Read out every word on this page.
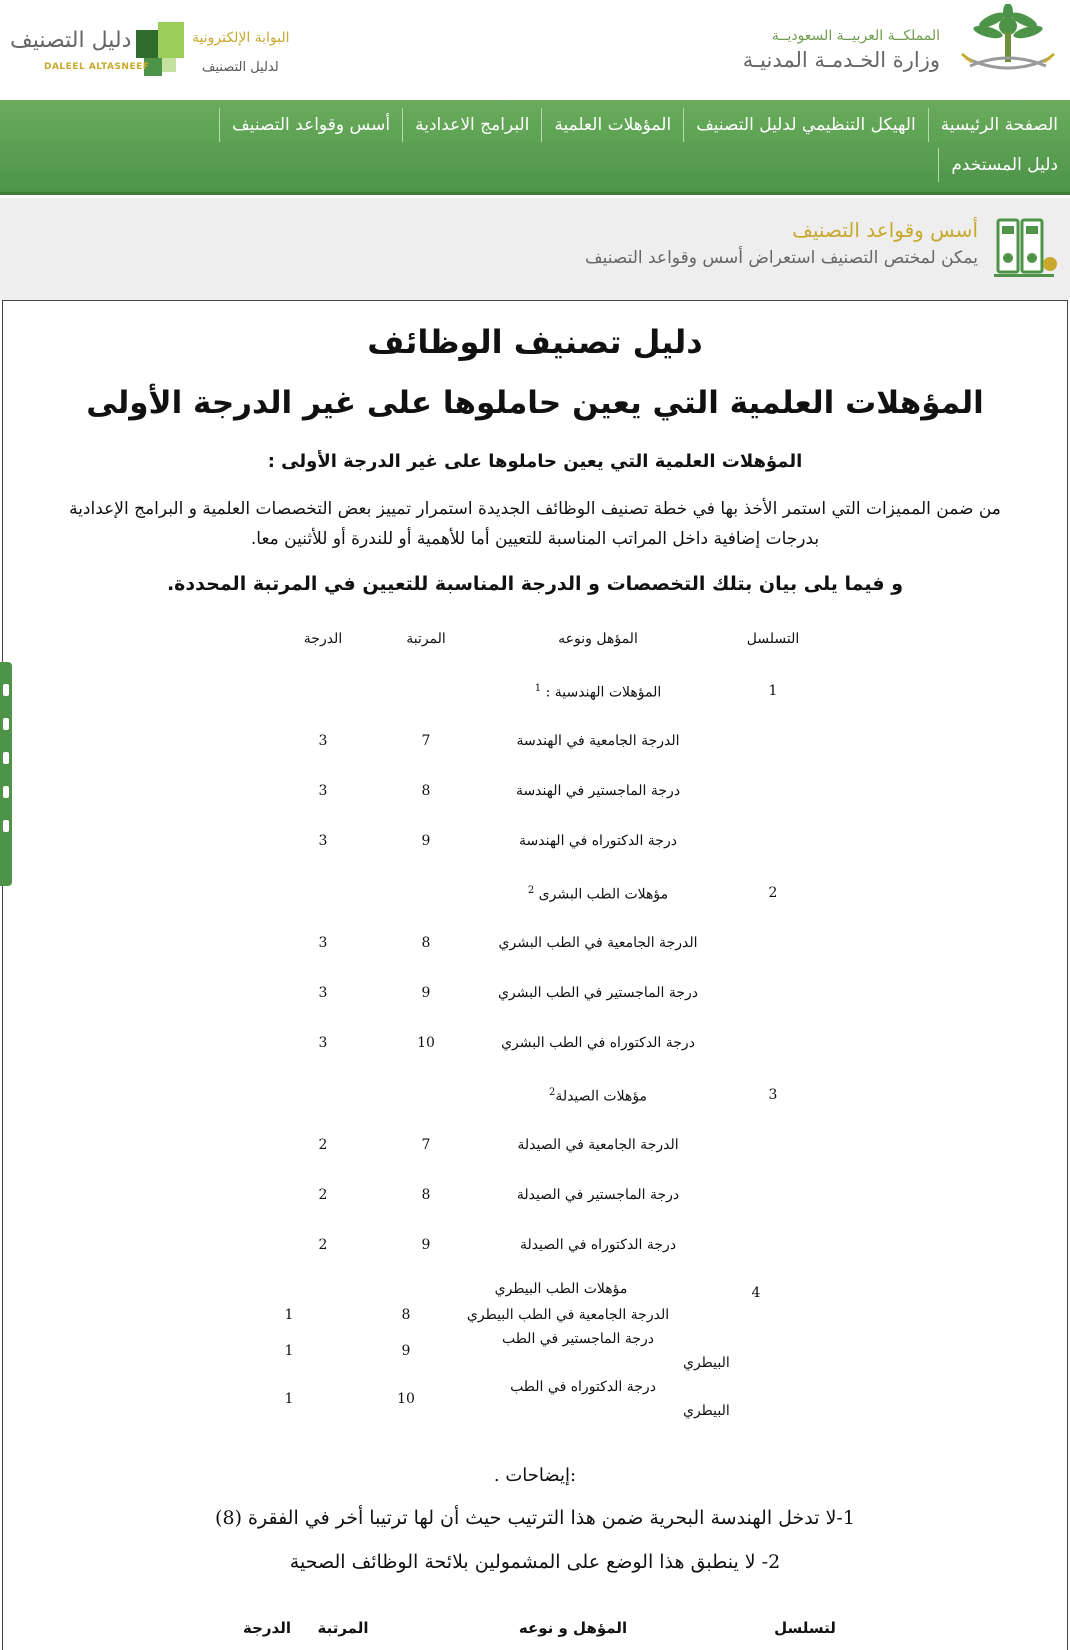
المملكــة العربيــة السعوديــة
وزارة الخـدمـة المدنيـة
البوابة الإلكترونية
لدليل التصنيف
دليل التصنيف
DALEEL ALTASNEEF
الصفحة الرئيسية
الهيكل التنظيمي لدليل التصنيف
المؤهلات العلمية
البرامج الاعدادية
أسس وقواعد التصنيف
دليل المستخدم
أسس وقواعد التصنيف
يمكن لمختص التصنيف استعراض أسس وقواعد التصنيف
دليل تصنيف الوظائف
المؤهلات العلمية التي يعين حاملوها على غير الدرجة الأولى
المؤهلات العلمية التي يعين حاملوها على غير الدرجة الأولى :
من ضمن المميزات التي استمر الأخذ بها في خطة تصنيف الوظائف الجديدة استمرار تمييز بعض التخصصات العلمية و البرامج الإعدادية
بدرجات إضافية داخل المراتب المناسبة للتعيين أما للأهمية أو للندرة أو للأثنين معا.
و فيما يلى بيان بتلك التخصصات و الدرجة المناسبة للتعيين في المرتبة المحددة.
التسلسل
المؤهل ونوعه
المرتبة
الدرجة
1
المؤهلات الهندسية : $^1$
الدرجة الجامعية في الهندسة
7
3
درجة الماجستير في الهندسة
8
3
درجة الدكتوراه في الهندسة
9
3
2
مؤهلات الطب البشرى $^2$
الدرجة الجامعية في الطب البشري
8
3
درجة الماجستير في الطب البشري
9
3
درجة الدكتوراه في الطب البشري
10
3
3
مؤهلات الصيدلة$^2$
الدرجة الجامعية في الصيدلة
7
2
درجة الماجستير في الصيدلة
8
2
درجة الدكتوراه في الصيدلة
9
2
4
مؤهلات الطب البيطري
الدرجة الجامعية في الطب البيطري
درجة الماجستير في الطب
البيطري
درجة الدكتوراه في الطب
البيطري
8
9
10
1
1
1
. إيضاحات:
1-لا تدخل الهندسة البحرية ضمن هذا الترتيب حيث أن لها ترتيبا أخر في الفقرة (8)
2- لا ينطبق هذا الوضع على المشمولين بلائحة الوظائف الصحية
لتسلسل
المؤهل و نوعه
المرتبة
الدرجة
